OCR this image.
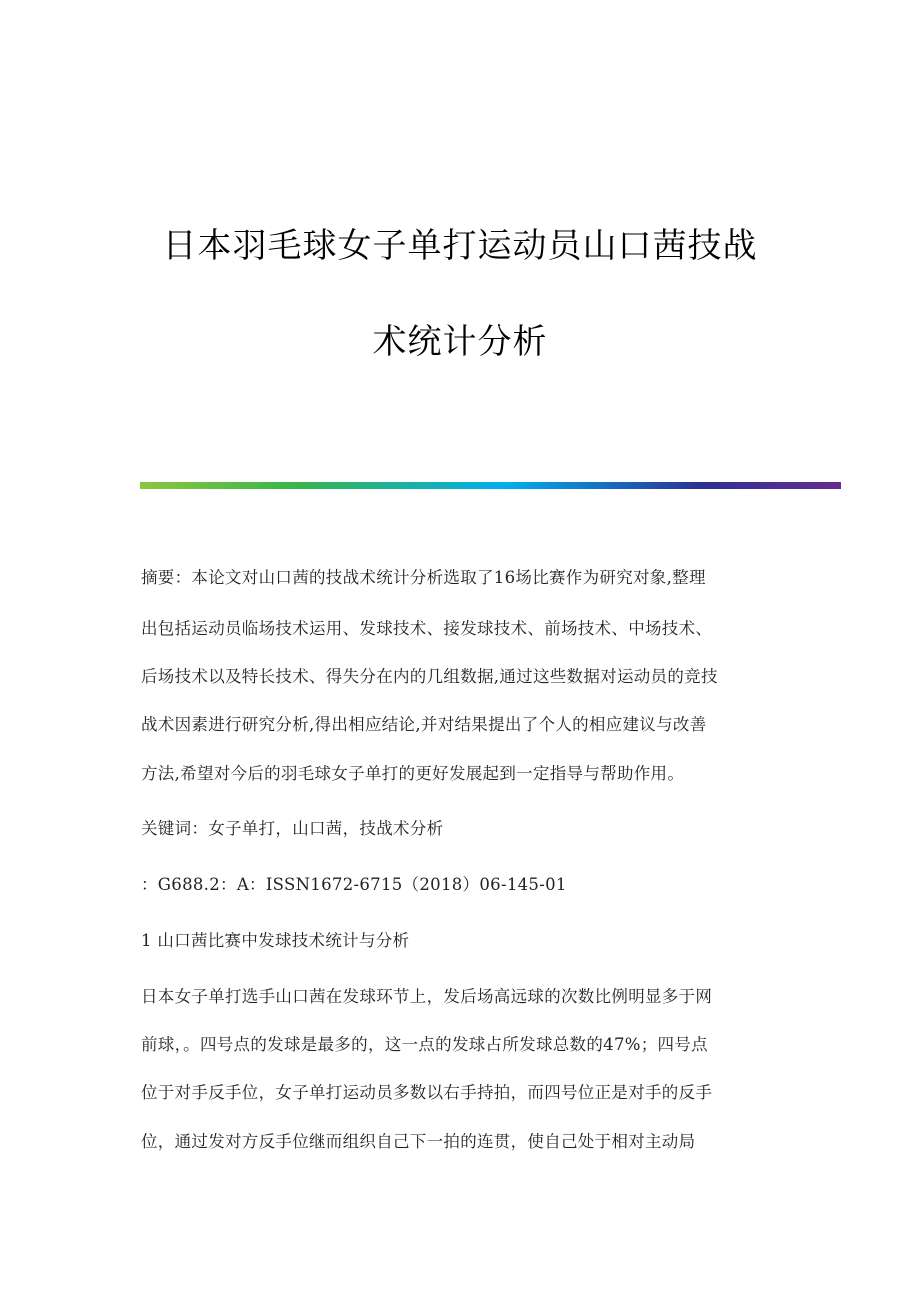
日本羽毛球女子单打运动员山口茜技战
术统计分析
摘要：本论文对山口茜的技战术统计分析选取了16场比赛作为研究对象,整理
出包括运动员临场技术运用、发球技术、接发球技术、前场技术、中场技术、
后场技术以及特长技术、得失分在内的几组数据,通过这些数据对运动员的竞技
战术因素进行研究分析,得出相应结论,并对结果提出了个人的相应建议与改善
方法,希望对今后的羽毛球女子单打的更好发展起到一定指导与帮助作用。
关键词：女子单打，山口茜，技战术分析
：G688.2：A：ISSN1672-6715（2018）06-145-01
1 山口茜比赛中发球技术统计与分析
日本女子单打选手山口茜在发球环节上，发后场高远球的次数比例明显多于网
前球，。四号点的发球是最多的，这一点的发球占所发球总数的47%；四号点
位于对手反手位，女子单打运动员多数以右手持拍，而四号位正是对手的反手
位，通过发对方反手位继而组织自己下一拍的连贯，使自己处于相对主动局
